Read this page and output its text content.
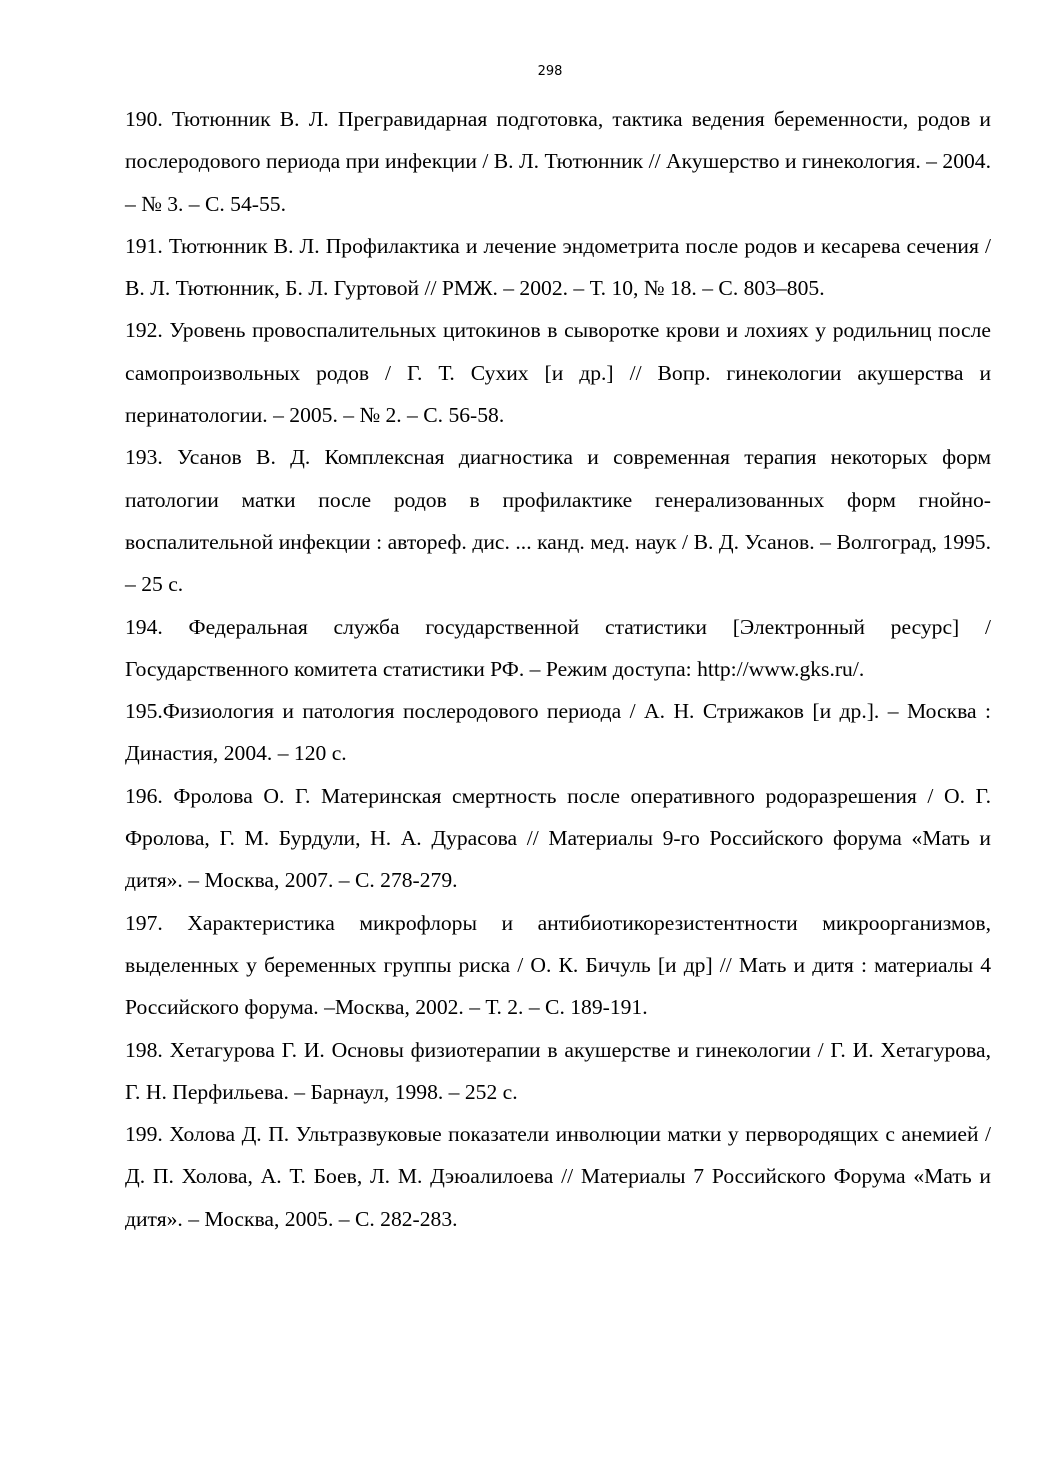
298
190. Тютюнник В. Л. Прегравидарная подготовка, тактика ведения беременности, родов и послеродового периода при инфекции / В. Л. Тютюнник // Акушерство и гинекология. – 2004. – № 3. – С. 54-55.
191. Тютюнник В. Л. Профилактика и лечение эндометрита после родов и кесарева сечения / В. Л. Тютюнник, Б. Л. Гуртовой // РМЖ. – 2002. – Т. 10, № 18. – С. 803–805.
192. Уровень провоспалительных цитокинов в сыворотке крови и лохиях у родильниц после самопроизвольных родов / Г. Т. Сухих [и др.] // Вопр. гинекологии акушерства и перинатологии. – 2005. – № 2. – С. 56-58.
193. Усанов В. Д. Комплексная диагностика и современная терапия некоторых форм патологии матки после родов в профилактике генерализованных форм гнойно-воспалительной инфекции : автореф. дис. ... канд. мед. наук / В. Д. Усанов. – Волгоград, 1995. – 25 с.
194. Федеральная служба государственной статистики [Электронный ресурс] / Государственного комитета статистики РФ. – Режим доступа: http://www.gks.ru/.
195.Физиология и патология послеродового периода / А. Н. Стрижаков [и др.]. – Москва : Династия, 2004. – 120 с.
196. Фролова О. Г. Материнская смертность после оперативного родоразрешения / О. Г. Фролова, Г. М. Бурдули, Н. А. Дурасова // Материалы 9-го Российского форума «Мать и дитя». – Москва, 2007. – С. 278-279.
197. Характеристика микрофлоры и антибиотикорезистентности микроорганизмов, выделенных у беременных группы риска / О. К. Бичуль [и др] // Мать и дитя : материалы 4 Российского форума. –Москва, 2002. – Т. 2. – С. 189-191.
198. Хетагурова Г. И. Основы физиотерапии в акушерстве и гинекологии / Г. И. Хетагурова, Г. Н. Перфильева. – Барнаул, 1998. – 252 с.
199. Холова Д. П. Ультразвуковые показатели инволюции матки у первородящих с анемией / Д. П. Холова, А. Т. Боев, Л. М. Дэюалилоева // Материалы 7 Российского Форума «Мать и дитя». – Москва, 2005. – С. 282-283.
